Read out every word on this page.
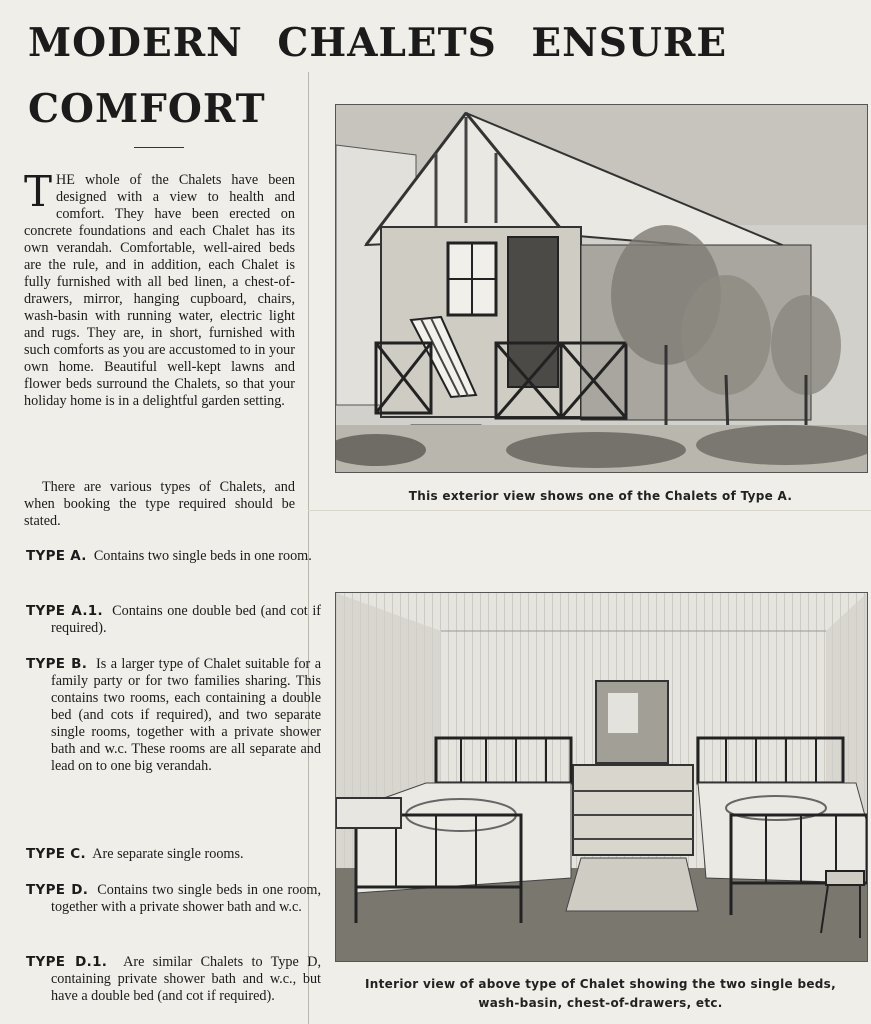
MODERN CHALETS ENSURE
COMFORT

THE whole of the Chalets have been designed with a view to health and comfort. They have been erected on concrete foundations and each Chalet has its own verandah. Comfortable, well-aired beds are the rule, and in addition, each Chalet is fully furnished with all bed linen, a chest-of-drawers, mirror, hanging cupboard, chairs, wash-basin with running water, electric light and rugs. They are, in short, furnished with such comforts as you are accustomed to in your own home. Beautiful well-kept lawns and flower beds surround the Chalets, so that your holiday home is in a delightful garden setting.

There are various types of Chalets, and when booking the type required should be stated.

TYPE A. Contains two single beds in one room.

TYPE A.1. Contains one double bed (and cot if required).

TYPE B. Is a larger type of Chalet suitable for a family party or for two families sharing. This contains two rooms, each containing a double bed (and cots if required), and two separate single rooms, together with a private shower bath and w.c. These rooms are all separate and lead on to one big verandah.

TYPE C. Are separate single rooms.

TYPE D. Contains two single beds in one room, together with a private shower bath and w.c.

TYPE D.1. Are similar Chalets to Type D, containing private shower bath and w.c., but have a double bed (and cot if required).

This exterior view shows one of the Chalets of Type A.

Interior view of above type of Chalet showing the two single beds,
wash-basin, chest-of-drawers, etc.
